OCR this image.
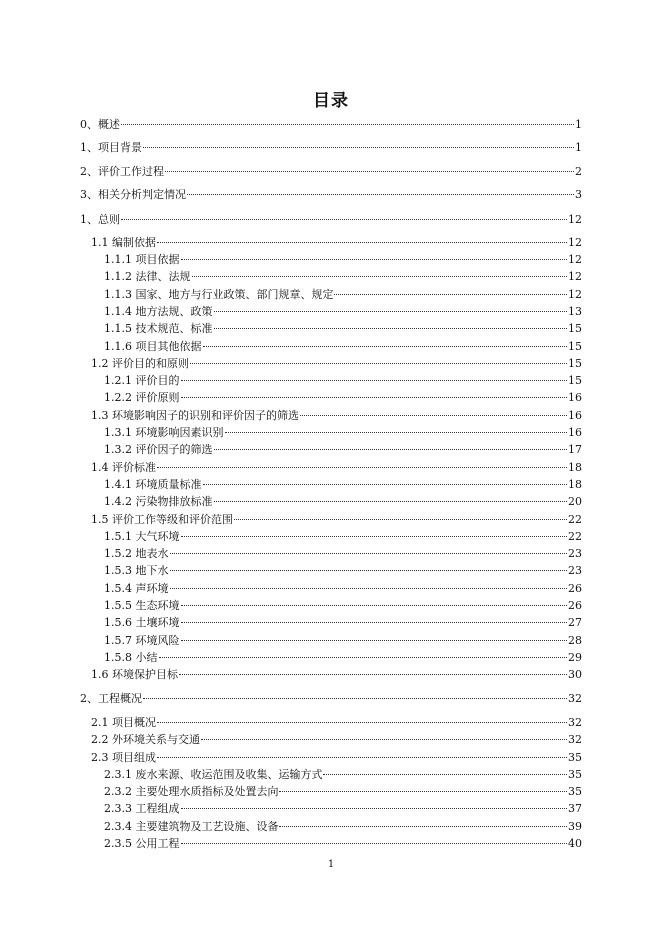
目录
0、概述	1
1、项目背景	1
2、评价工作过程	2
3、相关分析判定情况	3
1、总则	12
1.1 编制依据	12
1.1.1 项目依据	12
1.1.2 法律、法规	12
1.1.3 国家、地方与行业政策、部门规章、规定	12
1.1.4 地方法规、政策	13
1.1.5 技术规范、标准	15
1.1.6 项目其他依据	15
1.2 评价目的和原则	15
1.2.1 评价目的	15
1.2.2 评价原则	16
1.3 环境影响因子的识别和评价因子的筛选	16
1.3.1 环境影响因素识别	16
1.3.2 评价因子的筛选	17
1.4 评价标准	18
1.4.1 环境质量标准	18
1.4.2 污染物排放标准	20
1.5 评价工作等级和评价范围	22
1.5.1 大气环境	22
1.5.2 地表水	23
1.5.3 地下水	23
1.5.4 声环境	26
1.5.5 生态环境	26
1.5.6 土壤环境	27
1.5.7 环境风险	28
1.5.8 小结	29
1.6 环境保护目标	30
2、工程概况	32
2.1 项目概况	32
2.2 外环境关系与交通	32
2.3 项目组成	35
2.3.1 废水来源、收运范围及收集、运输方式	35
2.3.2 主要处理水质指标及处置去向	35
2.3.3 工程组成	37
2.3.4 主要建筑物及工艺设施、设备	39
2.3.5 公用工程	40
1
